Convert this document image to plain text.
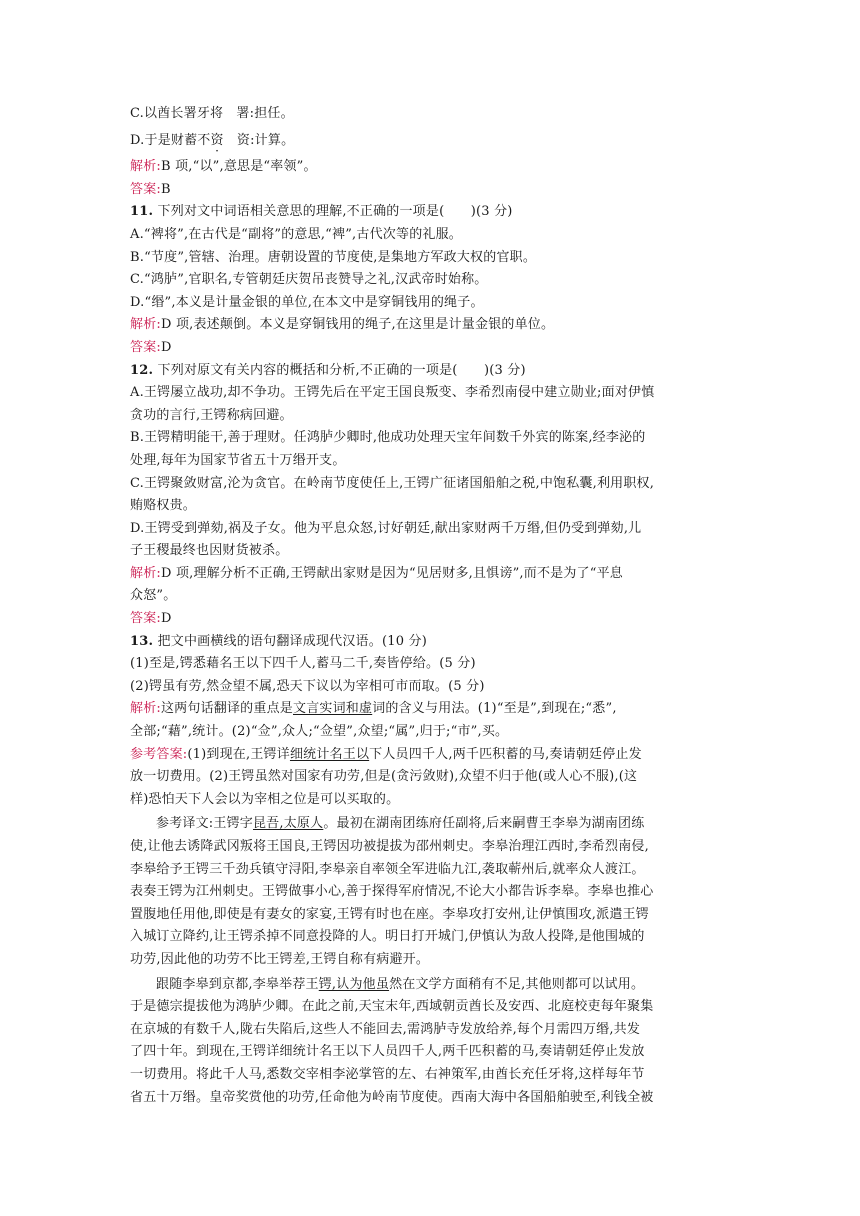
C.以酋长署牙将　署:担任。
D.于是财蓄不资　资:计算。
解析:B 项,“以”,意思是“率领”。
答案:B
11. 下列对文中词语相关意思的理解,不正确的一项是(　　)(3 分)
A.“裨将”,在古代是“副将”的意思,“裨”,古代次等的礼服。
B.“节度”,管辖、治理。唐朝设置的节度使,是集地方军政大权的官职。
C.“鸿胪”,官职名,专管朝廷庆贺吊丧赞导之礼,汉武帝时始称。
D.“缗”,本义是计量金银的单位,在本文中是穿铜钱用的绳子。
解析:D 项,表述颠倒。本义是穿铜钱用的绳子,在这里是计量金银的单位。
答案:D
12. 下列对原文有关内容的概括和分析,不正确的一项是(　　)(3 分)
A.王锷屡立战功,却不争功。王锷先后在平定王国良叛变、李希烈南侵中建立勋业;面对伊慎
贪功的言行,王锷称病回避。
B.王锷精明能干,善于理财。任鸿胪少卿时,他成功处理天宝年间数千外宾的陈案,经李泌的
处理,每年为国家节省五十万缗开支。
C.王锷聚敛财富,沦为贪官。在岭南节度使任上,王锷广征诸国船舶之税,中饱私囊,利用职权,
贿赂权贵。
D.王锷受到弹劾,祸及子女。他为平息众怒,讨好朝廷,献出家财两千万缗,但仍受到弹劾,儿
子王稷最终也因财货被杀。
解析:D 项,理解分析不正确,王锷献出家财是因为“见居财多,且惧谤”,而不是为了“平息
众怒”。
答案:D
13. 把文中画横线的语句翻译成现代汉语。(10 分)
(1)至是,锷悉藉名王以下四千人,蓄马二千,奏皆停给。(5 分)
(2)锷虽有劳,然佥望不属,恐天下议以为宰相可市而取。(5 分)
解析:这两句话翻译的重点是文言实词和虚词的含义与用法。(1)“至是”,到现在;“悉”,
全部;“藉”,统计。(2)“佥”,众人;“佥望”,众望;“属”,归于;“市”,买。
参考答案:(1)到现在,王锷详细统计名王以下人员四千人,两千匹积蓄的马,奏请朝廷停止发
放一切费用。(2)王锷虽然对国家有功劳,但是(贪污敛财),众望不归于他(或人心不服),(这
样)恐怕天下人会以为宰相之位是可以买取的。
参考译文:王锷字昆吾,太原人。最初在湖南团练府任副将,后来嗣曹王李皋为湖南团练
使,让他去诱降武冈叛将王国良,王锷因功被提拔为邵州刺史。李皋治理江西时,李希烈南侵,
李皋给予王锷三千劲兵镇守浔阳,李皋亲自率领全军进临九江,袭取蕲州后,就率众人渡江。
表奏王锷为江州刺史。王锷做事小心,善于探得军府情况,不论大小都告诉李皋。李皋也推心
置腹地任用他,即使是有妻女的家宴,王锷有时也在座。李皋攻打安州,让伊慎围攻,派遣王锷
入城订立降约,让王锷杀掉不同意投降的人。明日打开城门,伊慎认为敌人投降,是他围城的
功劳,因此他的功劳不比王锷差,王锷自称有病避开。
跟随李皋到京都,李皋举荐王锷,认为他虽然在文学方面稍有不足,其他则都可以试用。
于是德宗提拔他为鸿胪少卿。在此之前,天宝末年,西域朝贡酋长及安西、北庭校吏每年聚集
在京城的有数千人,陇右失陷后,这些人不能回去,需鸿胪寺发放给养,每个月需四万缗,共发
了四十年。到现在,王锷详细统计名王以下人员四千人,两千匹积蓄的马,奏请朝廷停止发放
一切费用。将此千人马,悉数交宰相李泌掌管的左、右神策军,由酋长充任牙将,这样每年节
省五十万缗。皇帝奖赏他的功劳,任命他为岭南节度使。西南大海中各国船舶驶至,利钱全被
